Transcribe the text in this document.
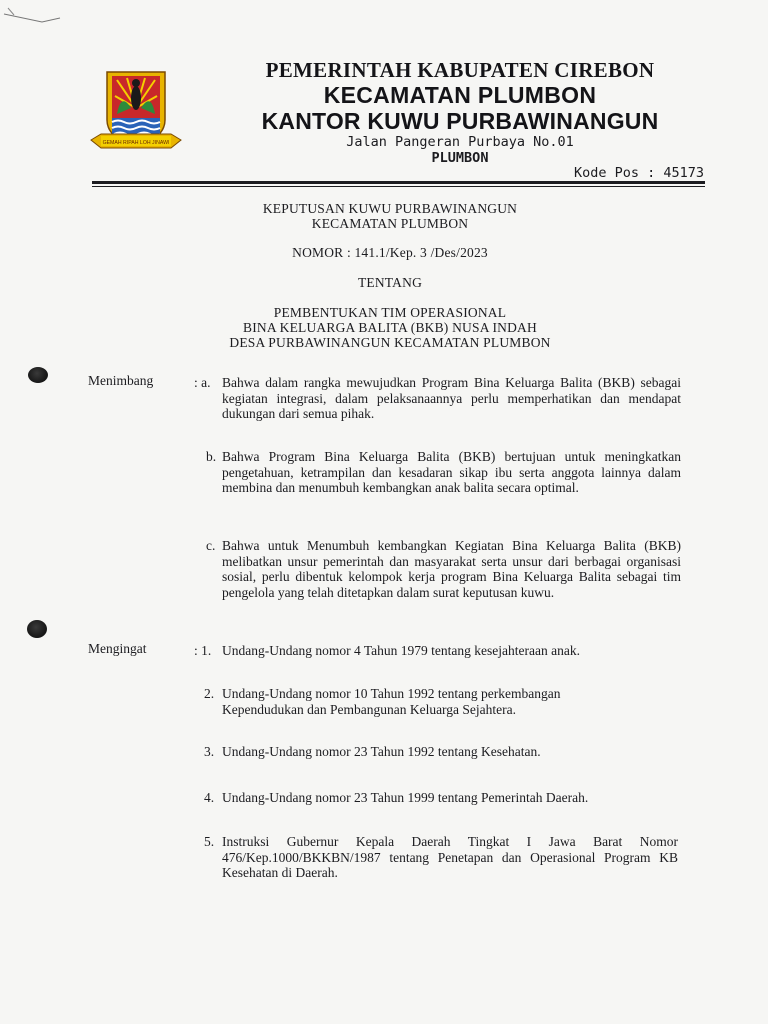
GEMAH RIPAH LOH JINAWI
PEMERINTAH KABUPATEN CIREBON
KECAMATAN PLUMBON
KANTOR KUWU PURBAWINANGUN
Jalan Pangeran Purbaya No.01
PLUMBON
Kode Pos : 45173
KEPUTUSAN KUWU PURBAWINANGUN
KECAMATAN PLUMBON
NOMOR : 141.1/Kep. 3 /Des/2023
TENTANG
PEMBENTUKAN TIM OPERASIONAL
BINA KELUARGA BALITA (BKB) NUSA INDAH
DESA PURBAWINANGUN KECAMATAN PLUMBON
Menimbang	: a. Bahwa dalam rangka mewujudkan Program Bina Keluarga Balita (BKB) sebagai kegiatan integrasi, dalam pelaksanaannya perlu memperhatikan dan mendapat dukungan dari semua pihak.
b. Bahwa Program Bina Keluarga Balita (BKB) bertujuan untuk meningkatkan pengetahuan, ketrampilan dan kesadaran sikap ibu serta anggota lainnya dalam membina dan menumbuh kembangkan anak balita secara optimal.
c. Bahwa untuk Menumbuh kembangkan Kegiatan Bina Keluarga Balita (BKB) melibatkan unsur pemerintah dan masyarakat serta unsur dari berbagai organisasi sosial, perlu dibentuk kelompok kerja program Bina Keluarga Balita sebagai tim pengelola yang telah ditetapkan dalam surat keputusan kuwu.
Mengingat	: 1. Undang-Undang nomor 4 Tahun 1979 tentang kesejahteraan anak.
2. Undang-Undang nomor 10 Tahun 1992 tentang perkembangan Kependudukan dan Pembangunan Keluarga Sejahtera.
3. Undang-Undang nomor 23 Tahun 1992 tentang Kesehatan.
4. Undang-Undang nomor 23 Tahun 1999 tentang Pemerintah Daerah.
5. Instruksi Gubernur Kepala Daerah Tingkat I Jawa Barat Nomor 476/Kep.1000/BKKBN/1987 tentang Penetapan dan Operasional Program KB Kesehatan di Daerah.
